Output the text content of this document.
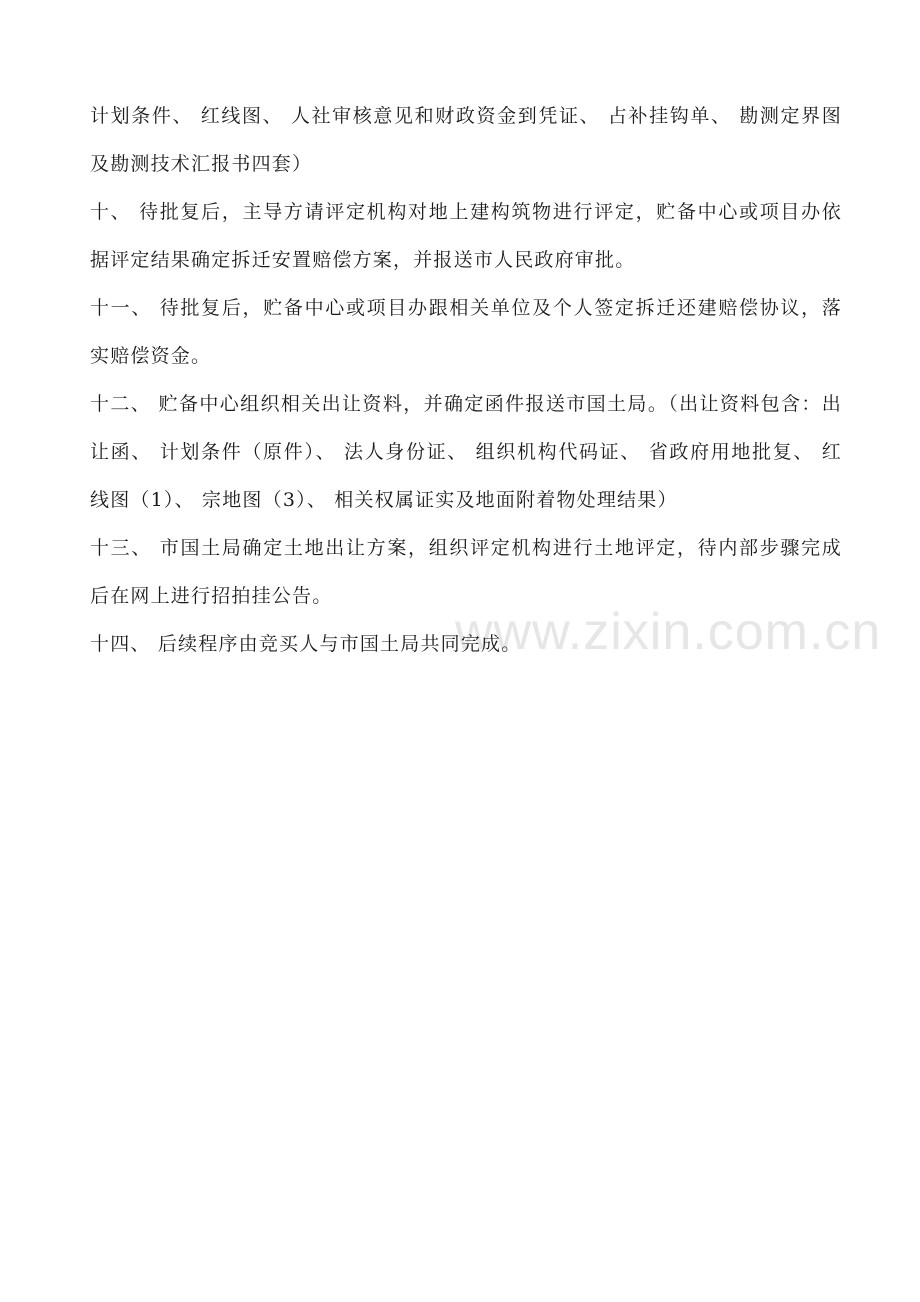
www.zixin.com.cn

计划条件、 红线图、 人社审核意见和财政资金到凭证、 占补挂钩单、 勘测定界图及勘测技术汇报书四套）

十、 待批复后，主导方请评定机构对地上建构筑物进行评定，贮备中心或项目办依据评定结果确定拆迁安置赔偿方案，并报送市人民政府审批。

十一、 待批复后，贮备中心或项目办跟相关单位及个人签定拆迁还建赔偿协议，落实赔偿资金。

十二、 贮备中心组织相关出让资料，并确定函件报送市国土局。（出让资料包含：出让函、 计划条件（原件）、 法人身份证、 组织机构代码证、 省政府用地批复、 红线图（1）、 宗地图（3）、 相关权属证实及地面附着物处理结果）

十三、 市国土局确定土地出让方案，组织评定机构进行土地评定，待内部步骤完成后在网上进行招拍挂公告。

十四、 后续程序由竞买人与市国土局共同完成。
